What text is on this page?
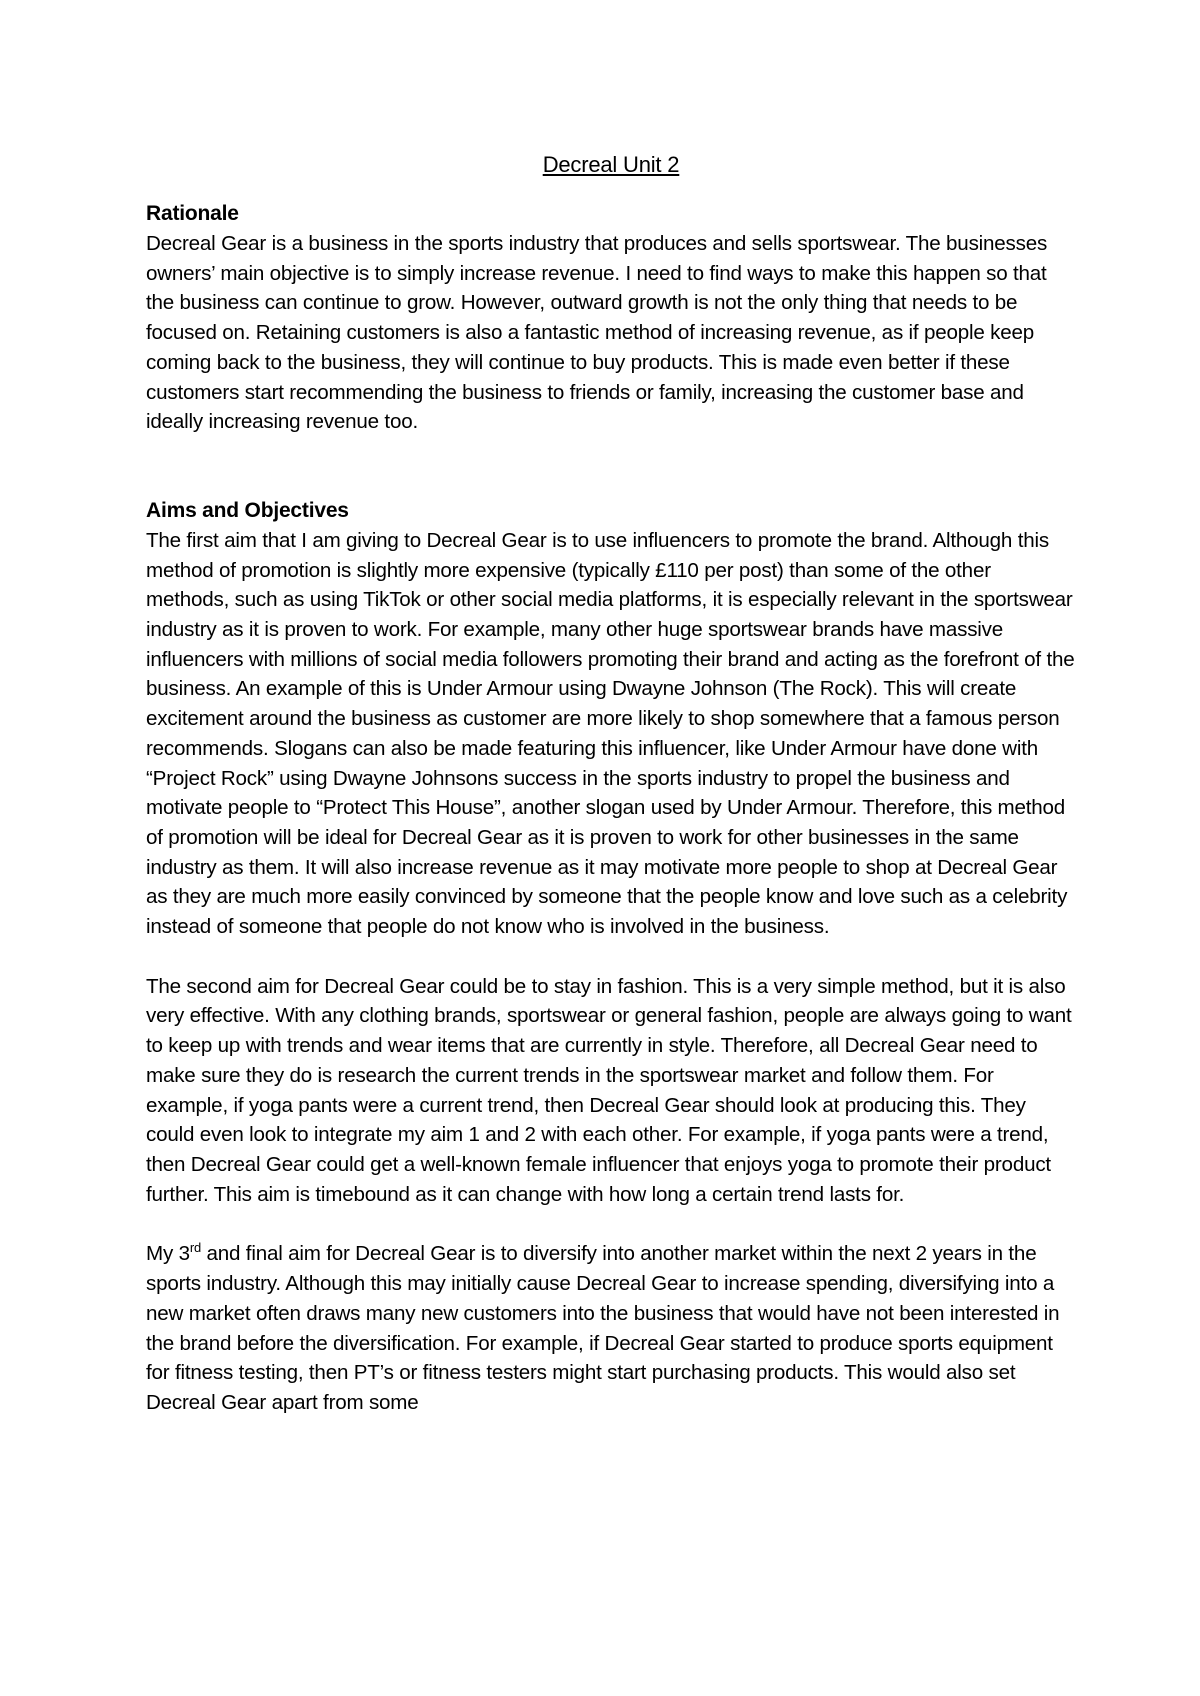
Decreal Unit 2

Rationale

Decreal Gear is a business in the sports industry that produces and sells sportswear. The businesses owners’ main objective is to simply increase revenue. I need to find ways to make this happen so that the business can continue to grow. However, outward growth is not the only thing that needs to be focused on. Retaining customers is also a fantastic method of increasing revenue, as if people keep coming back to the business, they will continue to buy products. This is made even better if these customers start recommending the business to friends or family, increasing the customer base and ideally increasing revenue too.

Aims and Objectives

The first aim that I am giving to Decreal Gear is to use influencers to promote the brand. Although this method of promotion is slightly more expensive (typically £110 per post) than some of the other methods, such as using TikTok or other social media platforms, it is especially relevant in the sportswear industry as it is proven to work. For example, many other huge sportswear brands have massive influencers with millions of social media followers promoting their brand and acting as the forefront of the business. An example of this is Under Armour using Dwayne Johnson (The Rock). This will create excitement around the business as customer are more likely to shop somewhere that a famous person recommends. Slogans can also be made featuring this influencer, like Under Armour have done with “Project Rock” using Dwayne Johnsons success in the sports industry to propel the business and motivate people to “Protect This House”, another slogan used by Under Armour. Therefore, this method of promotion will be ideal for Decreal Gear as it is proven to work for other businesses in the same industry as them. It will also increase revenue as it may motivate more people to shop at Decreal Gear as they are much more easily convinced by someone that the people know and love such as a celebrity instead of someone that people do not know who is involved in the business.

The second aim for Decreal Gear could be to stay in fashion. This is a very simple method, but it is also very effective. With any clothing brands, sportswear or general fashion, people are always going to want to keep up with trends and wear items that are currently in style. Therefore, all Decreal Gear need to make sure they do is research the current trends in the sportswear market and follow them. For example, if yoga pants were a current trend, then Decreal Gear should look at producing this. They could even look to integrate my aim 1 and 2 with each other. For example, if yoga pants were a trend, then Decreal Gear could get a well-known female influencer that enjoys yoga to promote their product further. This aim is timebound as it can change with how long a certain trend lasts for.

My 3rd and final aim for Decreal Gear is to diversify into another market within the next 2 years in the sports industry. Although this may initially cause Decreal Gear to increase spending, diversifying into a new market often draws many new customers into the business that would have not been interested in the brand before the diversification. For example, if Decreal Gear started to produce sports equipment for fitness testing, then PT’s or fitness testers might start purchasing products. This would also set Decreal Gear apart from some
